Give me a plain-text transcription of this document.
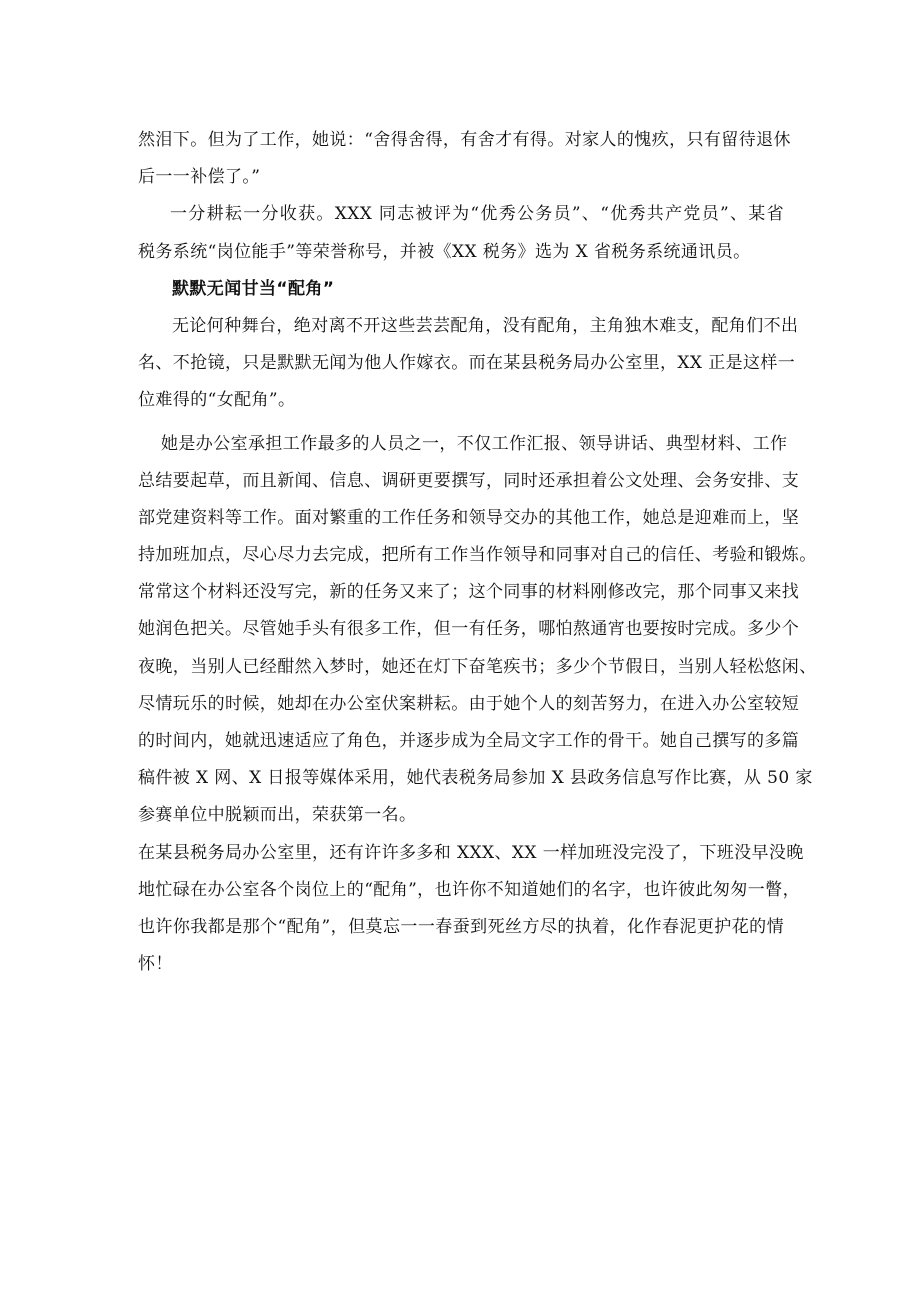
然泪下。但为了工作，她说：“舍得舍得，有舍才有得。对家人的愧疚，只有留待退休
后一一补偿了。”
一分耕耘一分收获。XXX 同志被评为“优秀公务员”、“优秀共产党员”、某省
税务系统“岗位能手”等荣誉称号，并被《XX 税务》选为 X 省税务系统通讯员。
默默无闻甘当“配角”
无论何种舞台，绝对离不开这些芸芸配角，没有配角，主角独木难支，配角们不出
名、不抢镜，只是默默无闻为他人作嫁衣。而在某县税务局办公室里，XX 正是这样一
位难得的“女配角”。
她是办公室承担工作最多的人员之一，不仅工作汇报、领导讲话、典型材料、工作
总结要起草，而且新闻、信息、调研更要撰写，同时还承担着公文处理、会务安排、支
部党建资料等工作。面对繁重的工作任务和领导交办的其他工作，她总是迎难而上，坚
持加班加点，尽心尽力去完成，把所有工作当作领导和同事对自己的信任、考验和锻炼。
常常这个材料还没写完，新的任务又来了；这个同事的材料刚修改完，那个同事又来找
她润色把关。尽管她手头有很多工作，但一有任务，哪怕熬通宵也要按时完成。多少个
夜晚，当别人已经酣然入梦时，她还在灯下奋笔疾书；多少个节假日，当别人轻松悠闲、
尽情玩乐的时候，她却在办公室伏案耕耘。由于她个人的刻苦努力，在进入办公室较短
的时间内，她就迅速适应了角色，并逐步成为全局文字工作的骨干。她自己撰写的多篇
稿件被 X 网、X 日报等媒体采用，她代表税务局参加 X 县政务信息写作比赛，从 50 家
参赛单位中脱颖而出，荣获第一名。
在某县税务局办公室里，还有许许多多和 XXX、XX 一样加班没完没了，下班没早没晚
地忙碌在办公室各个岗位上的“配角”，也许你不知道她们的名字，也许彼此匆匆一瞥，
也许你我都是那个“配角”，但莫忘一一春蚕到死丝方尽的执着，化作春泥更护花的情
怀！
